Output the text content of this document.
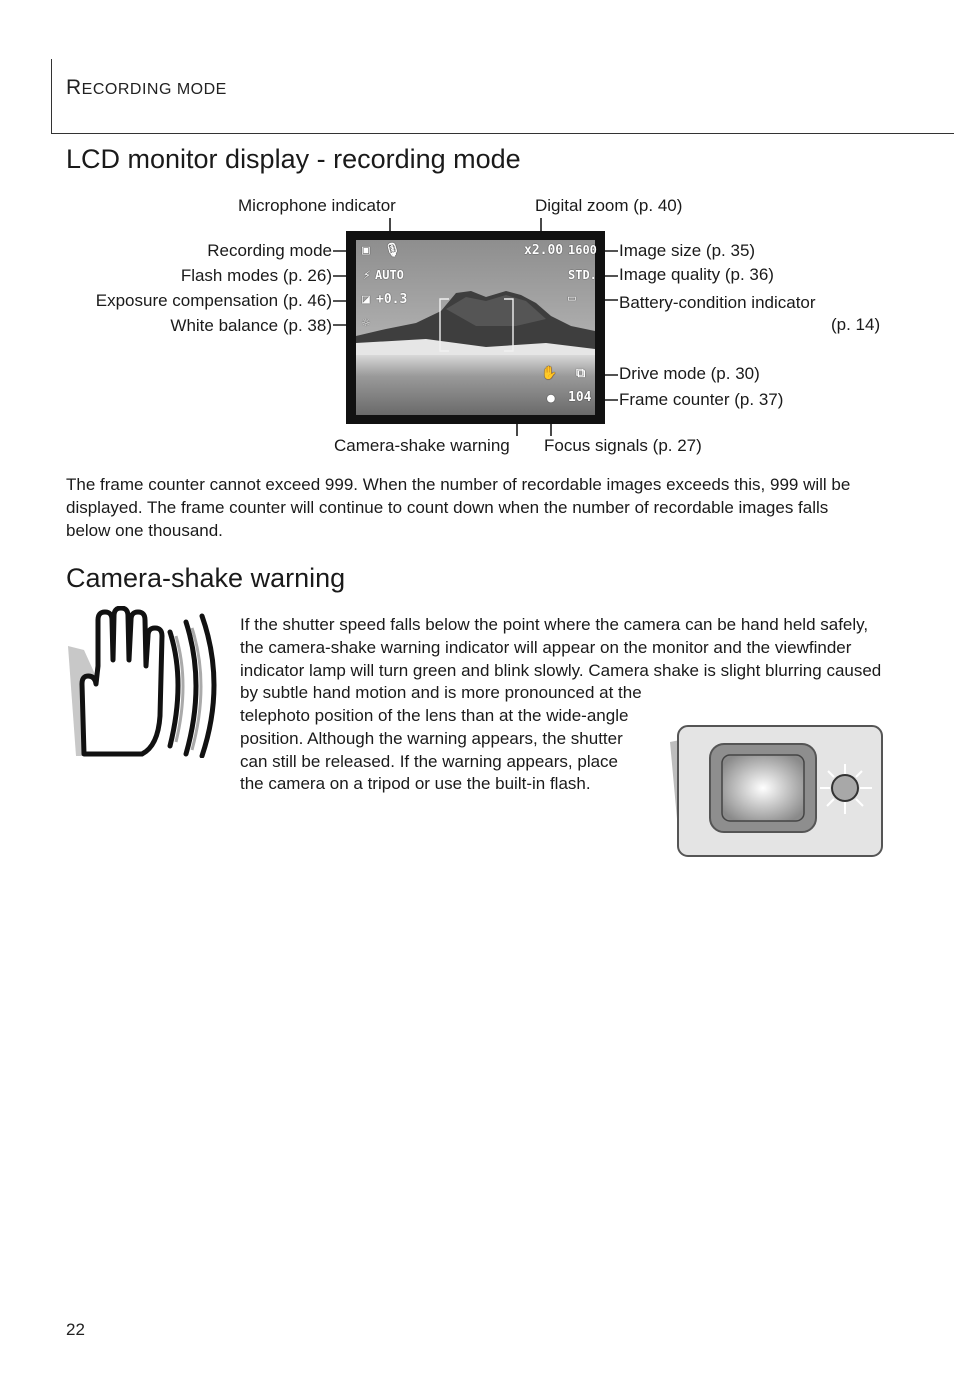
RECORDING MODE
LCD monitor display - recording mode
▣ 🎙	x2.00 1600
⚡ AUTO	STD.
◪ +0.3	▭
☼
✋ ⧉
● 104
Microphone indicator	Digital zoom (p. 40)
Recording mode
Flash modes (p. 26)
Exposure compensation (p. 46)
White balance (p. 38)
Image size (p. 35)
Image quality (p. 36)
Battery-condition indicator
(p. 14)
Drive mode (p. 30)
Frame counter (p. 37)
Camera-shake warning Focus signals (p. 27)

The frame counter cannot exceed 999. When the number of recordable images exceeds this, 999 will be displayed. The frame counter will continue to count down when the number of recordable images falls below one thousand.

Camera-shake warning

If the shutter speed falls below the point where the camera can be hand held safely, the camera-shake warning indicator will appear on the monitor and the viewfinder indicator lamp will turn green and blink slowly. Camera shake is slight blurring caused by subtle hand motion and is more pronounced at the

telephoto position of the lens than at the wide-angle position. Although the warning appears, the shutter can still be released. If the warning appears, place the camera on a tripod or use the built-in flash.

22
